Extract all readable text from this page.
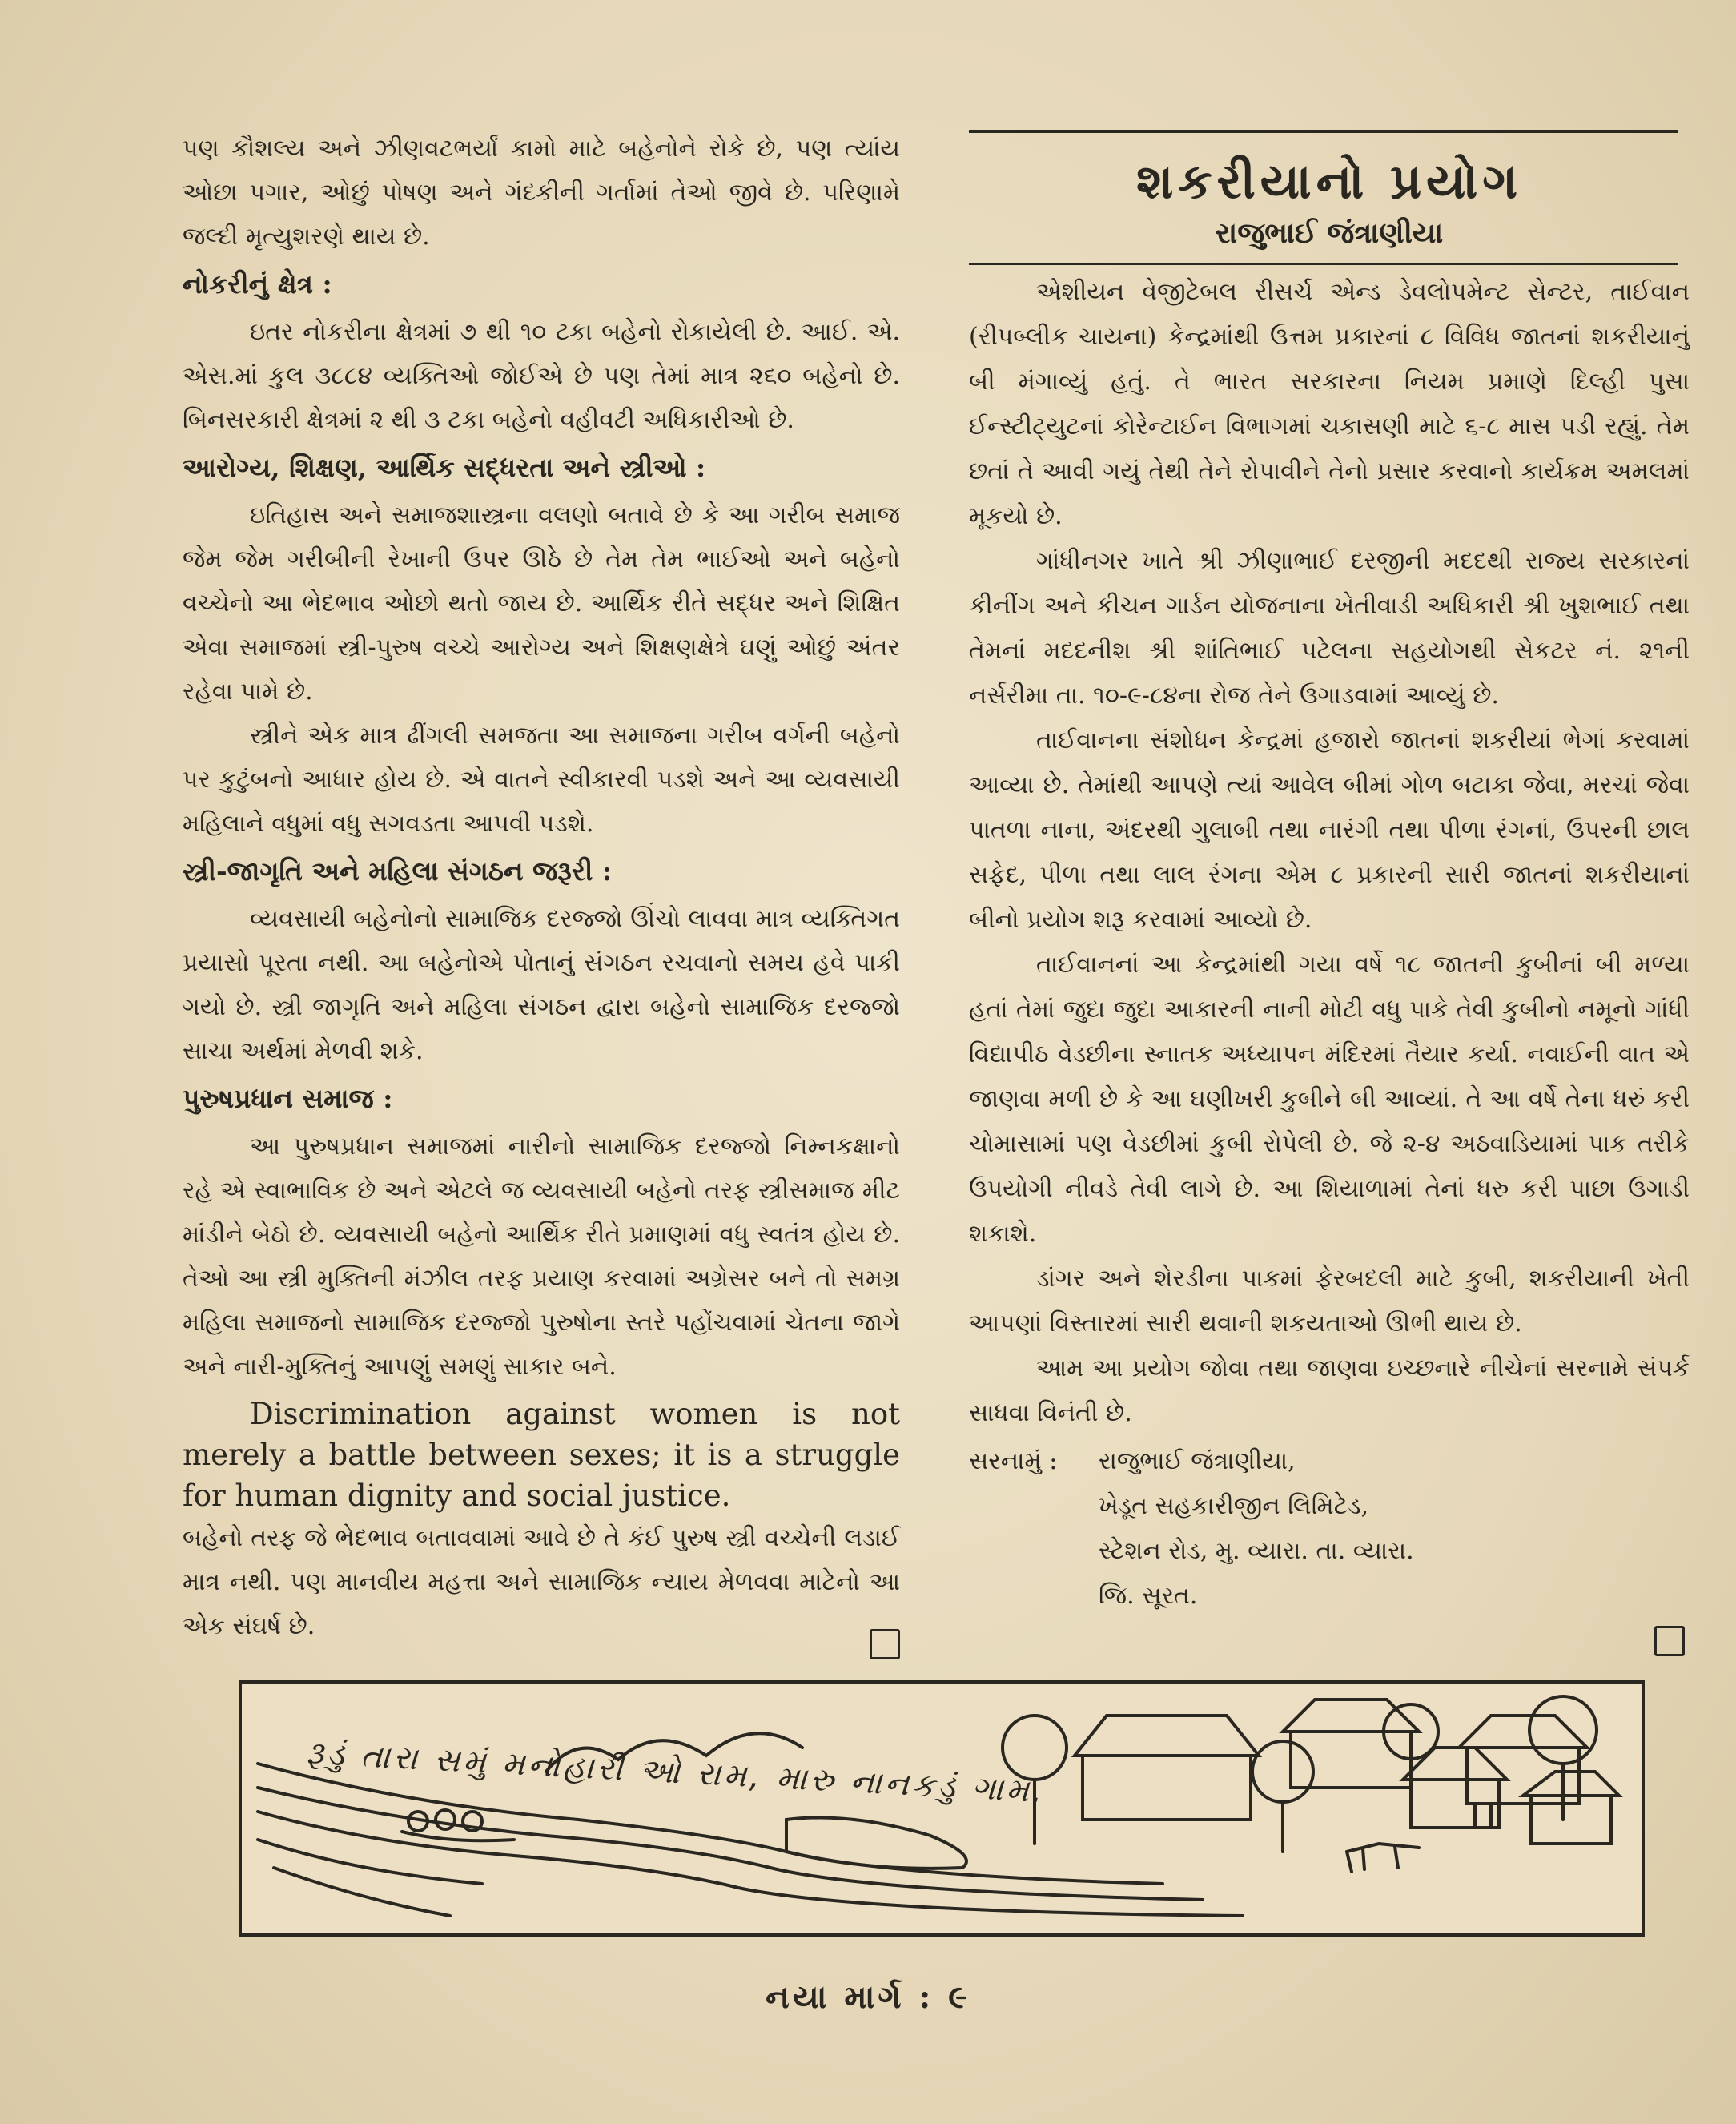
પણ કૌશલ્ય અને ઝીણવટભર્યાં કામો માટે બહેનોને રોકે છે, પણ ત્યાંય ઓછા પગાર, ઓછું પોષણ અને ગંદકીની ગર્તામાં તેઓ જીવે છે. પરિણામે જલ્દી મૃત્યુશરણે થાય છે.

નોકરીનું ક્ષેત્ર :

ઇતર નોકરીના ક્ષેત્રમાં ૭ થી ૧૦ ટકા બહેનો રોકાયેલી છે. આઈ. એ. એસ.માં કુલ ૩૮૮૪ વ્યક્તિઓ જોઈએ છે પણ તેમાં માત્ર ૨૬૦ બહેનો છે. બિનસરકારી ક્ષેત્રમાં ૨ થી ૩ ટકા બહેનો વહીવટી અધિકારીઓ છે.

આરોગ્ય, શિક્ષણ, આર્થિક સદ્ધરતા અને સ્ત્રીઓ :

ઇતિહાસ અને સમાજશાસ્ત્રના વલણો બતાવે છે કે આ ગરીબ સમાજ જેમ જેમ ગરીબીની રેખાની ઉપર ઊઠે છે તેમ તેમ ભાઈઓ અને બહેનો વચ્ચેનો આ ભેદભાવ ઓછો થતો જાય છે. આર્થિક રીતે સદ્ધર અને શિક્ષિત એવા સમાજમાં સ્ત્રી-પુરુષ વચ્ચે આરોગ્ય અને શિક્ષણક્ષેત્રે ઘણું ઓછું અંતર રહેવા પામે છે.

સ્ત્રીને એક માત્ર ઢીંગલી સમજતા આ સમાજના ગરીબ વર્ગની બહેનો પર કુટુંબનો આધાર હોય છે. એ વાતને સ્વીકારવી પડશે અને આ વ્યવસાયી મહિલાને વધુમાં વધુ સગવડતા આપવી પડશે.

સ્ત્રી-જાગૃતિ અને મહિલા સંગઠન જરૂરી :

વ્યવસાયી બહેનોનો સામાજિક દરજ્જો ઊંચો લાવવા માત્ર વ્યક્તિગત પ્રયાસો પૂરતા નથી. આ બહેનોએ પોતાનું સંગઠન રચવાનો સમય હવે પાકી ગયો છે. સ્ત્રી જાગૃતિ અને મહિલા સંગઠન દ્વારા બહેનો સામાજિક દરજ્જો સાચા અર્થમાં મેળવી શકે.

પુરુષપ્રધાન સમાજ :

આ પુરુષપ્રધાન સમાજમાં નારીનો સામાજિક દરજ્જો નિમ્નકક્ષાનો રહે એ સ્વાભાવિક છે અને એટલે જ વ્યવસાયી બહેનો તરફ સ્ત્રીસમાજ મીટ માંડીને બેઠો છે. વ્યવસાયી બહેનો આર્થિક રીતે પ્રમાણમાં વધુ સ્વતંત્ર હોય છે. તેઓ આ સ્ત્રી મુક્તિની મંઝીલ તરફ પ્રયાણ કરવામાં અગ્રેસર બને તો સમગ્ર મહિલા સમાજનો સામાજિક દરજ્જો પુરુષોના સ્તરે પહોંચવામાં ચેતના જાગે અને નારી-મુક્તિનું આપણું સમણું સાકાર બને.

Discrimination against women is not merely a battle between sexes; it is a struggle for human dignity and social justice.

બહેનો તરફ જે ભેદભાવ બતાવવામાં આવે છે તે કંઈ પુરુષ સ્ત્રી વચ્ચેની લડાઈ માત્ર નથી. પણ માનવીય મહત્તા અને સામાજિક ન્યાય મેળવવા માટેનો આ એક સંઘર્ષ છે.

શકરીયાનો પ્રયોગ
રાજુભાઈ જંત્રાણીયા

એશીયન વેજીટેબલ રીસર્ચ એન્ડ ડેવલોપમેન્ટ સેન્ટર, તાઈવાન (રીપબ્લીક ચાયના) કેન્દ્રમાંથી ઉત્તમ પ્રકારનાં ૮ વિવિધ જાતનાં શકરીયાનું બી મંગાવ્યું હતું. તે ભારત સરકારના નિયમ પ્રમાણે દિલ્હી પુસા ઈન્સ્ટીટ્યુટનાં કોરેન્ટાઈન વિભાગમાં ચકાસણી માટે ૬-૮ માસ પડી રહ્યું. તેમ છતાં તે આવી ગયું તેથી તેને રોપાવીને તેનો પ્રસાર કરવાનો કાર્યક્રમ અમલમાં મૂકયો છે.

ગાંધીનગર ખાતે શ્રી ઝીણાભાઈ દરજીની મદદથી રાજ્ય સરકારનાં કીનીંગ અને કીચન ગાર્ડન યોજનાના ખેતીવાડી અધિકારી શ્રી ખુશભાઈ તથા તેમનાં મદદનીશ શ્રી શાંતિભાઈ પટેલના સહયોગથી સેકટર નં. ૨૧ની નર્સરીમા તા. ૧૦-૯-૮૪ના રોજ તેને ઉગાડવામાં આવ્યું છે.

તાઈવાનના સંશોધન કેન્દ્રમાં હજારો જાતનાં શકરીયાં ભેગાં કરવામાં આવ્યા છે. તેમાંથી આપણે ત્યાં આવેલ બીમાં ગોળ બટાકા જેવા, મરચાં જેવા પાતળા નાના, અંદરથી ગુલાબી તથા નારંગી તથા પીળા રંગનાં, ઉપરની છાલ સફેદ, પીળા તથા લાલ રંગના એમ ૮ પ્રકારની સારી જાતનાં શકરીયાનાં બીનો પ્રયોગ શરૂ કરવામાં આવ્યો છે.

તાઈવાનનાં આ કેન્દ્રમાંથી ગયા વર્ષે ૧૮ જાતની કુબીનાં બી મળ્યા હતાં તેમાં જુદા જુદા આકારની નાની મોટી વધુ પાકે તેવી કુબીનો નમૂનો ગાંધી વિદ્યાપીઠ વેડછીના સ્નાતક અધ્યાપન મંદિરમાં તૈયાર કર્યા. નવાઈની વાત એ જાણવા મળી છે કે આ ઘણીખરી કુબીને બી આવ્યાં. તે આ વર્ષે તેના ધરું કરી ચોમાસામાં પણ વેડછીમાં કુબી રોપેલી છે. જે ૨-૪ અઠવાડિયામાં પાક તરીકે ઉપયોગી નીવડે તેવી લાગે છે. આ શિયાળામાં તેનાં ધરુ કરી પાછા ઉગાડી શકાશે.

ડાંગર અને શેરડીના પાકમાં ફેરબદલી માટે કુબી, શકરીયાની ખેતી આપણાં વિસ્તારમાં સારી થવાની શકયતાઓ ઊભી થાય છે.

આમ આ પ્રયોગ જોવા તથા જાણવા ઇચ્છનારે નીચેનાં સરનામે સંપર્ક સાધવા વિનંતી છે.

સરનામું :	રાજુભાઈ જંત્રાણીયા,
ખેડૂત સહકારીજીન લિમિટેડ,
સ્ટેશન રોડ, મુ. વ્યારા. તા. વ્યારા.
જિ. સૂરત.
રૂડું તારા સમું મનોહારી ઓ રામ, મારુ નાનકડું ગામ.
નયા માર્ગ : ૯
